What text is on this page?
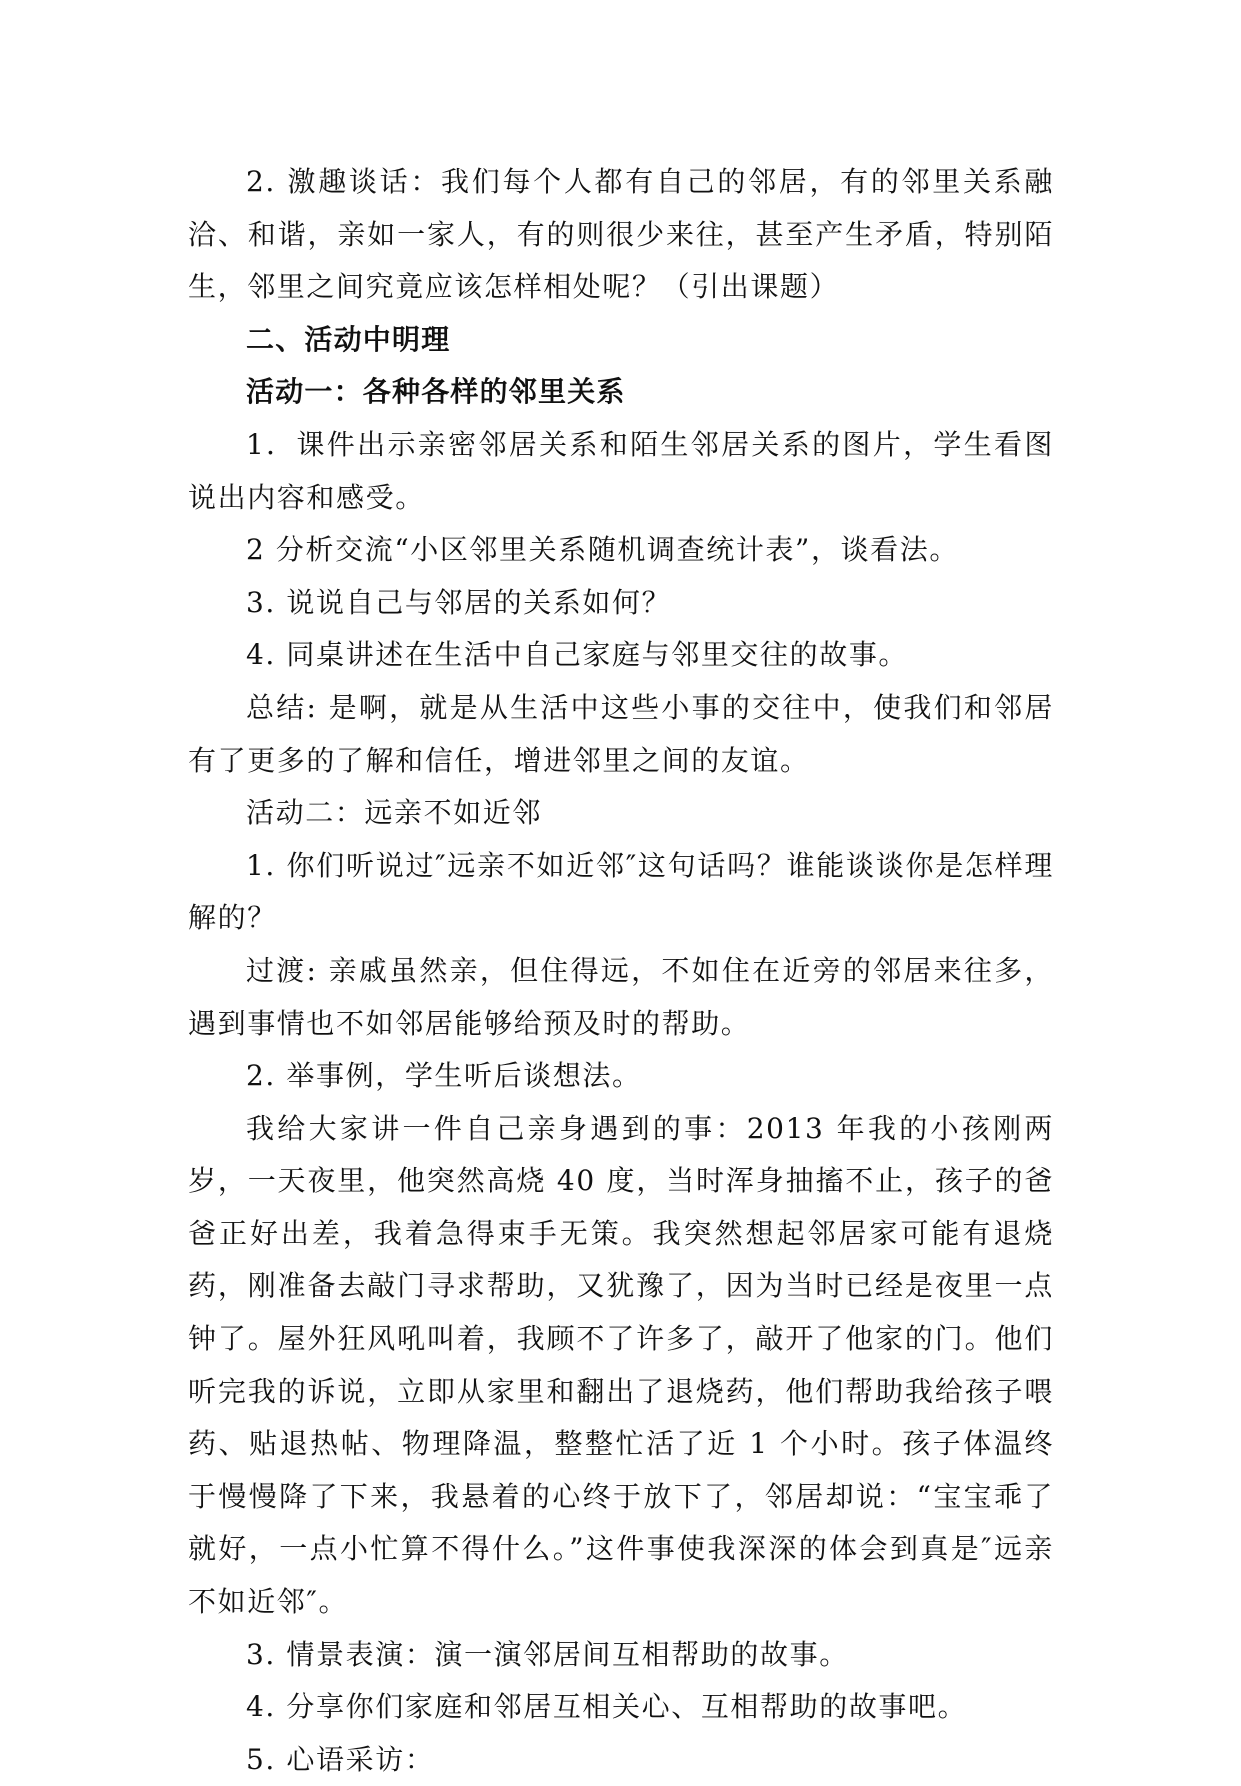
2. 激趣谈话：我们每个人都有自己的邻居，有的邻里关系融洽、和谐，亲如一家人，有的则很少来往，甚至产生矛盾，特别陌生，邻里之间究竟应该怎样相处呢？（引出课题）

二、活动中明理

活动一：各种各样的邻里关系

1．课件出示亲密邻居关系和陌生邻居关系的图片，学生看图说出内容和感受。

2 分析交流“小区邻里关系随机调查统计表”，谈看法。

3. 说说自己与邻居的关系如何？

4. 同桌讲述在生活中自己家庭与邻里交往的故事。

总结: 是啊，就是从生活中这些小事的交往中，使我们和邻居有了更多的了解和信任，增进邻里之间的友谊。

活动二：远亲不如近邻

1. 你们听说过″远亲不如近邻″这句话吗？谁能谈谈你是怎样理解的？

过渡: 亲戚虽然亲，但住得远，不如住在近旁的邻居来往多，遇到事情也不如邻居能够给预及时的帮助。

2. 举事例，学生听后谈想法。

我给大家讲一件自己亲身遇到的事：2013 年我的小孩刚两岁，一天夜里，他突然高烧 40 度，当时浑身抽搐不止，孩子的爸爸正好出差，我着急得束手无策。我突然想起邻居家可能有退烧药，刚准备去敲门寻求帮助，又犹豫了，因为当时已经是夜里一点钟了。屋外狂风吼叫着，我顾不了许多了，敲开了他家的门。他们听完我的诉说，立即从家里和翻出了退烧药，他们帮助我给孩子喂药、贴退热帖、物理降温，整整忙活了近 1 个小时。孩子体温终于慢慢降了下来，我悬着的心终于放下了，邻居却说：“宝宝乖了就好，一点小忙算不得什么。”这件事使我深深的体会到真是″远亲不如近邻″。

3. 情景表演：演一演邻居间互相帮助的故事。

4. 分享你们家庭和邻居互相关心、互相帮助的故事吧。

5. 心语采访：
